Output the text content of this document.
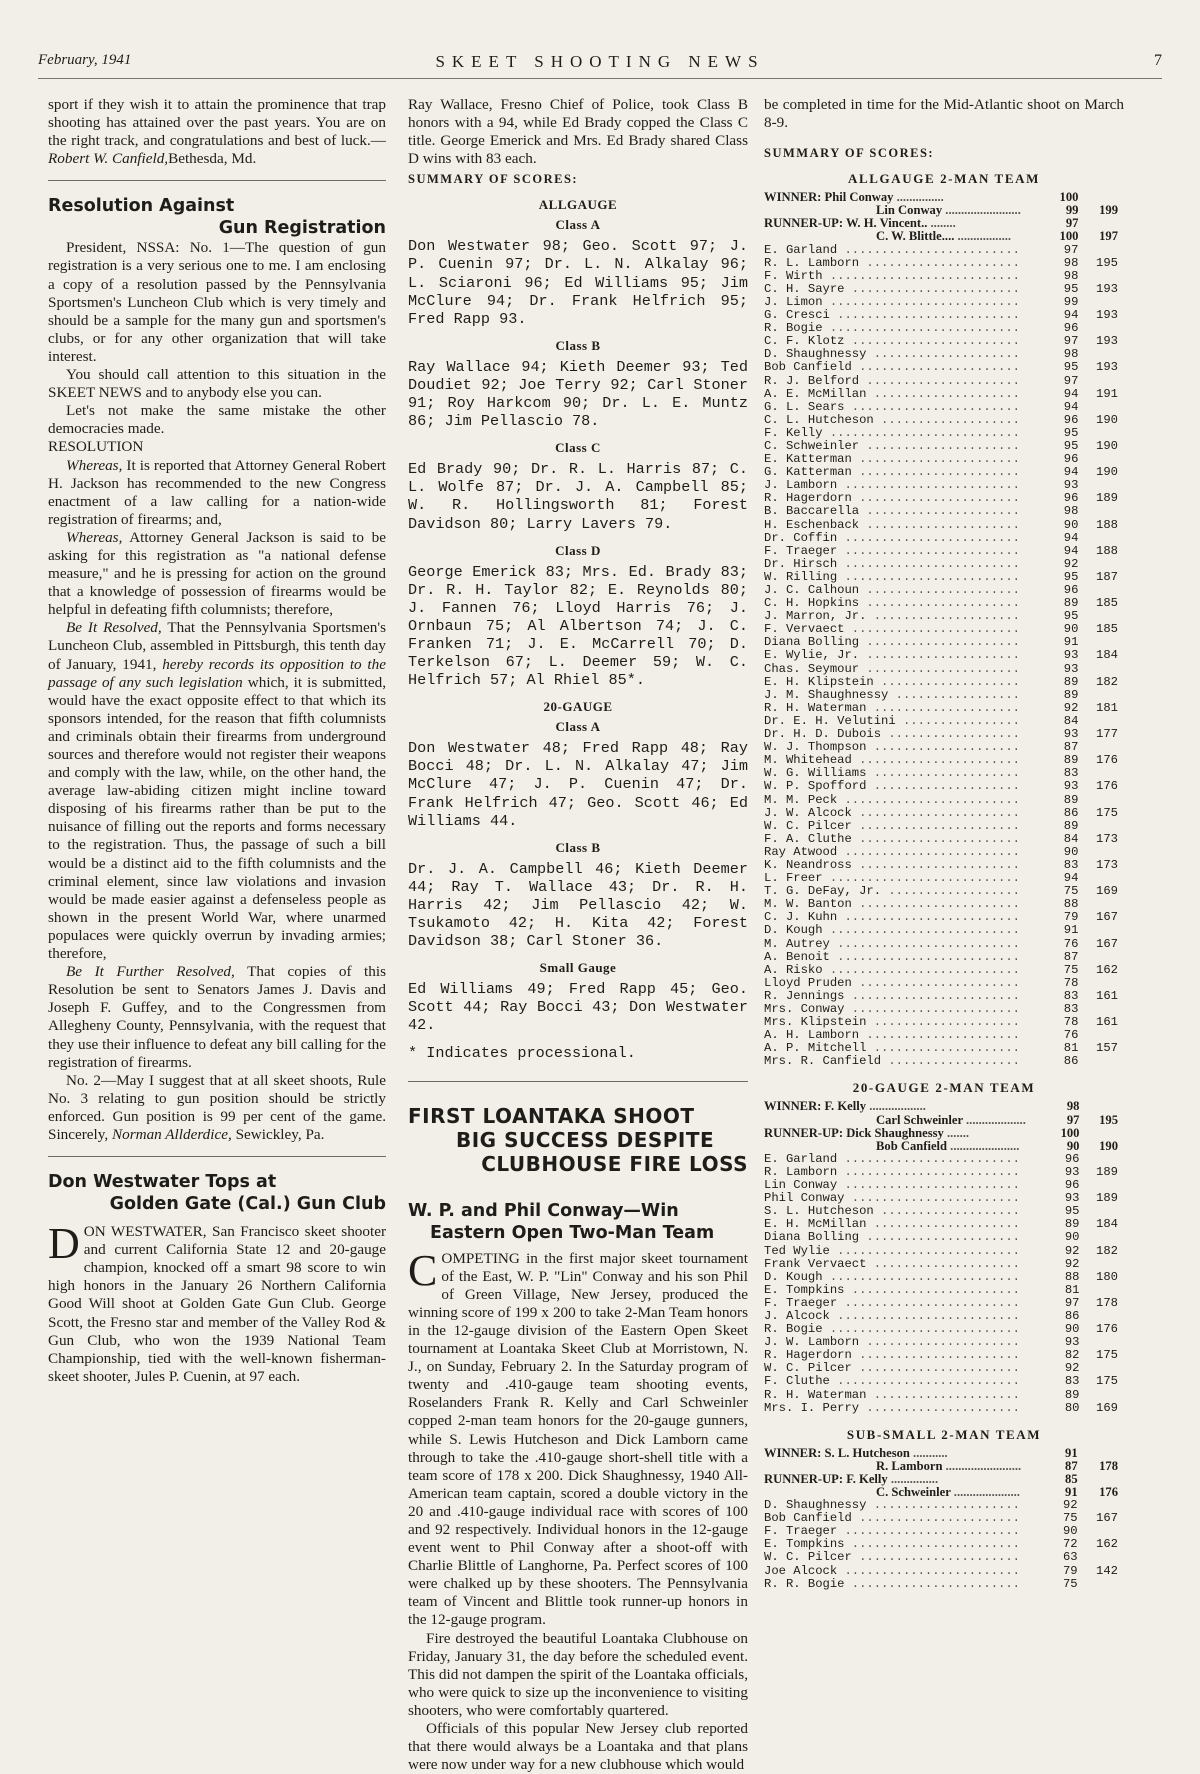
February, 1941	SKEET SHOOTING NEWS	7

sport if they wish it to attain the prominence that trap shooting has attained over the past years. You are on the right track, and congratulations and best of luck.—Robert W. Canfield,Bethesda, Md.

Resolution Against
Gun Registration

President, NSSA: No. 1—The question of gun registration is a very serious one to me. I am enclosing a copy of a resolution passed by the Pennsylvania Sportsmen's Luncheon Club which is very timely and should be a sample for the many gun and sportsmen's clubs, or for any other organization that will take interest.

You should call attention to this situation in the SKEET NEWS and to anybody else you can.

Let's not make the same mistake the other democracies made.

RESOLUTION

Whereas, It is reported that Attorney General Robert H. Jackson has recommended to the new Congress enactment of a law calling for a nation-wide registration of firearms; and,

Whereas, Attorney General Jackson is said to be asking for this registration as "a national defense measure," and he is pressing for action on the ground that a knowledge of possession of firearms would be helpful in defeating fifth columnists; therefore,

Be It Resolved, That the Pennsylvania Sportsmen's Luncheon Club, assembled in Pittsburgh, this tenth day of January, 1941, hereby records its opposition to the passage of any such legislation which, it is submitted, would have the exact opposite effect to that which its sponsors intended, for the reason that fifth columnists and criminals obtain their firearms from underground sources and therefore would not register their weapons and comply with the law, while, on the other hand, the average law-abiding citizen might incline toward disposing of his firearms rather than be put to the nuisance of filling out the reports and forms necessary to the registration. Thus, the passage of such a bill would be a distinct aid to the fifth columnists and the criminal element, since law violations and invasion would be made easier against a defenseless people as shown in the present World War, where unarmed populaces were quickly overrun by invading armies; therefore,

Be It Further Resolved, That copies of this Resolution be sent to Senators James J. Davis and Joseph F. Guffey, and to the Congressmen from Allegheny County, Pennsylvania, with the request that they use their influence to defeat any bill calling for the registration of firearms.

No. 2—May I suggest that at all skeet shoots, Rule No. 3 relating to gun position should be strictly enforced. Gun position is 99 per cent of the game. Sincerely, Norman Allderdice, Sewickley, Pa.

Don Westwater Tops at
Golden Gate (Cal.) Gun Club

DON WESTWATER, San Francisco skeet shooter and current California State 12 and 20-gauge champion, knocked off a smart 98 score to win high honors in the January 26 Northern California Good Will shoot at Golden Gate Gun Club. George Scott, the Fresno star and member of the Valley Rod & Gun Club, who won the 1939 National Team Championship, tied with the well-known fisherman-skeet shooter, Jules P. Cuenin, at 97 each.

Ray Wallace, Fresno Chief of Police, took Class B honors with a 94, while Ed Brady copped the Class C title. George Emerick and Mrs. Ed Brady shared Class D wins with 83 each.

SUMMARY OF SCORES:
ALLGAUGE
Class A

Don Westwater 98; Geo. Scott 97; J. P. Cuenin 97; Dr. L. N. Alkalay 96; L. Sciaroni 96; Ed Williams 95; Jim McClure 94; Dr. Frank Helfrich 95; Fred Rapp 93.

Class B

Ray Wallace 94; Kieth Deemer 93; Ted Doudiet 92; Joe Terry 92; Carl Stoner 91; Roy Harkcom 90; Dr. L. E. Muntz 86; Jim Pellascio 78.

Class C

Ed Brady 90; Dr. R. L. Harris 87; C. L. Wolfe 87; Dr. J. A. Campbell 85; W. R. Hollingsworth 81; Forest Davidson 80; Larry Lavers 79.

Class D

George Emerick 83; Mrs. Ed. Brady 83; Dr. R. H. Taylor 82; E. Reynolds 80; J. Fannen 76; Lloyd Harris 76; J. Ornbaun 75; Al Albertson 74; J. C. Franken 71; J. E. McCarrell 70; D. Terkelson 67; L. Deemer 59; W. C. Helfrich 57; Al Rhiel 85*.

20-GAUGE
Class A

Don Westwater 48; Fred Rapp 48; Ray Bocci 48; Dr. L. N. Alkalay 47; Jim McClure 47; J. P. Cuenin 47; Dr. Frank Helfrich 47; Geo. Scott 46; Ed Williams 44.

Class B

Dr. J. A. Campbell 46; Kieth Deemer 44; Ray T. Wallace 43; Dr. R. H. Harris 42; Jim Pellascio 42; W. Tsukamoto 42; H. Kita 42; Forest Davidson 38; Carl Stoner 36.

Small Gauge

Ed Williams 49; Fred Rapp 45; Geo. Scott 44; Ray Bocci 43; Don Westwater 42.

* Indicates processional.

FIRST LOANTAKA SHOOT
BIG SUCCESS DESPITE
CLUBHOUSE FIRE LOSS
W. P. and Phil Conway—Win
Eastern Open Two-Man Team

COMPETING in the first major skeet tournament of the East, W. P. "Lin" Conway and his son Phil of Green Village, New Jersey, produced the winning score of 199 x 200 to take 2-Man Team honors in the 12-gauge division of the Eastern Open Skeet tournament at Loantaka Skeet Club at Morristown, N. J., on Sunday, February 2. In the Saturday program of twenty and .410-gauge team shooting events, Roselanders Frank R. Kelly and Carl Schweinler copped 2-man team honors for the 20-gauge gunners, while S. Lewis Hutcheson and Dick Lamborn came through to take the .410-gauge short-shell title with a team score of 178 x 200. Dick Shaughnessy, 1940 All-American team captain, scored a double victory in the 20 and .410-gauge individual race with scores of 100 and 92 respectively. Individual honors in the 12-gauge event went to Phil Conway after a shoot-off with Charlie Blittle of Langhorne, Pa. Perfect scores of 100 were chalked up by these shooters. The Pennsylvania team of Vincent and Blittle took runner-up honors in the 12-gauge program.

Fire destroyed the beautiful Loantaka Clubhouse on Friday, January 31, the day before the scheduled event. This did not dampen the spirit of the Loantaka officials, who were quick to size up the inconvenience to visiting shooters, who were comfortably quartered.

Officials of this popular New Jersey club reported that there would always be a Loantaka and that plans were now under way for a new clubhouse which would

be completed in time for the Mid-Atlantic shoot on March 8-9.

SUMMARY OF SCORES:
ALLGAUGE 2-MAN TEAM
WINNER: Phil Conway ...............	100	
Lin Conway ........................	99	199
RUNNER-UP: W. H. Vincent.. ........	97	
C. W. Blittle.... .................	100	197
E. Garland ........................	97	
R. L. Lamborn .....................	98	195
F. Wirth ..........................	98	
C. H. Sayre .......................	95	193
J. Limon ..........................	99	
G. Cresci .........................	94	193
R. Bogie ..........................	96	
C. F. Klotz .......................	97	193
D. Shaughnessy ....................	98	
Bob Canfield ......................	95	193
R. J. Belford .....................	97	
A. E. McMillan ....................	94	191
G. L. Sears .......................	94	
C. L. Hutcheson ...................	96	190
F. Kelly ..........................	95	
C. Schweinler .....................	95	190
E. Katterman ......................	96	
G. Katterman ......................	94	190
J. Lamborn ........................	93	
R. Hagerdorn ......................	96	189
B. Baccarella .....................	98	
H. Eschenback .....................	90	188
Dr. Coffin ........................	94	
F. Traeger ........................	94	188
Dr. Hirsch ........................	92	
W. Rilling ........................	95	187
J. C. Calhoun .....................	96	
C. H. Hopkins .....................	89	185
J. Marron, Jr. ....................	95	
F. Vervaect .......................	90	185
Diana Bolling .....................	91	
E. Wylie, Jr. .....................	93	184
Chas. Seymour .....................	93	
E. H. Klipstein ...................	89	182
J. M. Shaughnessy .................	89	
R. H. Waterman ....................	92	181
Dr. E. H. Velutini ................	84	
Dr. H. D. Dubois ..................	93	177
W. J. Thompson ....................	87	
M. Whitehead ......................	89	176
W. G. Williams ....................	83	
W. P. Spofford ....................	93	176
M. M. Peck ........................	89	
J. W. Alcock ......................	86	175
W. C. Pilcer ......................	89	
F. A. Cluthe ......................	84	173
Ray Atwood ........................	90	
K. Neandross ......................	83	173
L. Freer ..........................	94	
T. G. DeFay, Jr. ..................	75	169
M. W. Banton ......................	88	
C. J. Kuhn ........................	79	167
D. Kough ..........................	91	
M. Autrey .........................	76	167
A. Benoit .........................	87	
A. Risko ..........................	75	162
Lloyd Pruden ......................	78	
R. Jennings .......................	83	161
Mrs. Conway .......................	83	
Mrs. Klipstein ....................	78	161
A. H. Lamborn .....................	76	
A. P. Mitchell ....................	81	157
Mrs. R. Canfield ..................	86	
20-GAUGE 2-MAN TEAM
WINNER: F. Kelly ..................	98	
Carl Schweinler ...................	97	195
RUNNER-UP: Dick Shaughnessy .......	100	
Bob Canfield ......................	90	190
E. Garland ........................	96	
R. Lamborn ........................	93	189
Lin Conway ........................	96	
Phil Conway .......................	93	189
S. L. Hutcheson ...................	95	
E. H. McMillan ....................	89	184
Diana Bolling .....................	90	
Ted Wylie .........................	92	182
Frank Vervaect ....................	92	
D. Kough ..........................	88	180
E. Tompkins .......................	81	
F. Traeger ........................	97	178
J. Alcock .........................	86	
R. Bogie ..........................	90	176
J. W. Lamborn .....................	93	
R. Hagerdorn ......................	82	175
W. C. Pilcer ......................	92	
F. Cluthe .........................	83	175
R. H. Waterman ....................	89	
Mrs. I. Perry .....................	80	169
SUB-SMALL 2-MAN TEAM
WINNER: S. L. Hutcheson ...........	91	
R. Lamborn ........................	87	178
RUNNER-UP: F. Kelly ...............	85	
C. Schweinler .....................	91	176
D. Shaughnessy ....................	92	
Bob Canfield ......................	75	167
F. Traeger ........................	90	
E. Tompkins .......................	72	162
W. C. Pilcer ......................	63	
Joe Alcock ........................	79	142
R. R. Bogie .......................	75	
